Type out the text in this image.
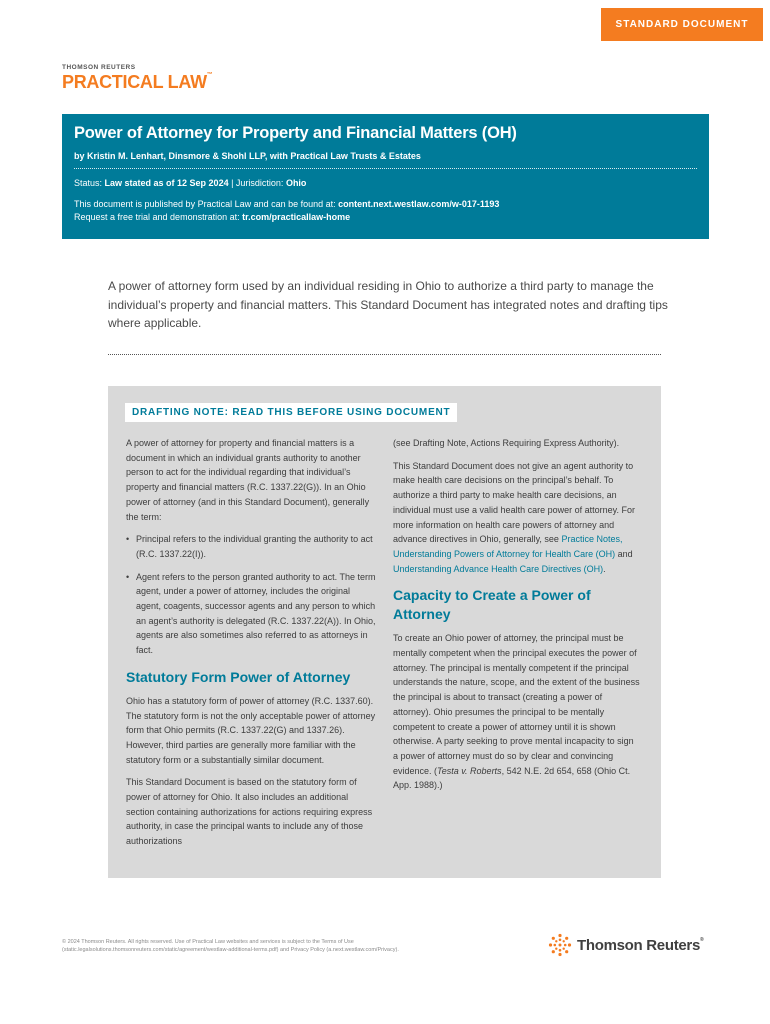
STANDARD DOCUMENT
THOMSON REUTERS
PRACTICAL LAW™
Power of Attorney for Property and Financial Matters (OH)
by Kristin M. Lenhart, Dinsmore & Shohl LLP, with Practical Law Trusts & Estates
Status: Law stated as of 12 Sep 2024 | Jurisdiction: Ohio
This document is published by Practical Law and can be found at: content.next.westlaw.com/w-017-1193
Request a free trial and demonstration at: tr.com/practicallaw-home
A power of attorney form used by an individual residing in Ohio to authorize a third party to manage the individual’s property and financial matters. This Standard Document has integrated notes and drafting tips where applicable.
DRAFTING NOTE: READ THIS BEFORE USING DOCUMENT

A power of attorney for property and financial matters is a document in which an individual grants authority to another person to act for the individual regarding that individual’s property and financial matters (R.C. 1337.22(G)). In an Ohio power of attorney (and in this Standard Document), generally the term:

• Principal refers to the individual granting the authority to act (R.C. 1337.22(I)).
• Agent refers to the person granted authority to act. The term agent, under a power of attorney, includes the original agent, coagents, successor agents and any person to which an agent’s authority is delegated (R.C. 1337.22(A)). In Ohio, agents are also sometimes also referred to as attorneys in fact.
Statutory Form Power of Attorney

Ohio has a statutory form of power of attorney (R.C. 1337.60). The statutory form is not the only acceptable power of attorney form that Ohio permits (R.C. 1337.22(G) and 1337.26). However, third parties are generally more familiar with the statutory form or a substantially similar document.

This Standard Document is based on the statutory form of power of attorney for Ohio. It also includes an additional section containing authorizations for actions requiring express authority, in case the principal wants to include any of those authorizations

(see Drafting Note, Actions Requiring Express Authority).

This Standard Document does not give an agent authority to make health care decisions on the principal’s behalf. To authorize a third party to make health care decisions, an individual must use a valid health care power of attorney. For more information on health care powers of attorney and advance directives in Ohio, generally, see Practice Notes, Understanding Powers of Attorney for Health Care (OH) and Understanding Advance Health Care Directives (OH).

Capacity to Create a Power of Attorney

To create an Ohio power of attorney, the principal must be mentally competent when the principal executes the power of attorney. The principal is mentally competent if the principal understands the nature, scope, and the extent of the business the principal is about to transact (creating a power of attorney). Ohio presumes the principal to be mentally competent to create a power of attorney until it is shown otherwise. A party seeking to prove mental incapacity to sign a power of attorney must do so by clear and convincing evidence. (Testa v. Roberts, 542 N.E. 2d 654, 658 (Ohio Ct. App. 1988).)

© 2024 Thomson Reuters. All rights reserved. Use of Practical Law websites and services is subject to the Terms of Use (static.legalsolutions.thomsonreuters.com/static/agreement/westlaw-additional-terms.pdf) and Privacy Policy (a.next.westlaw.com/Privacy).	Thomson Reuters®
